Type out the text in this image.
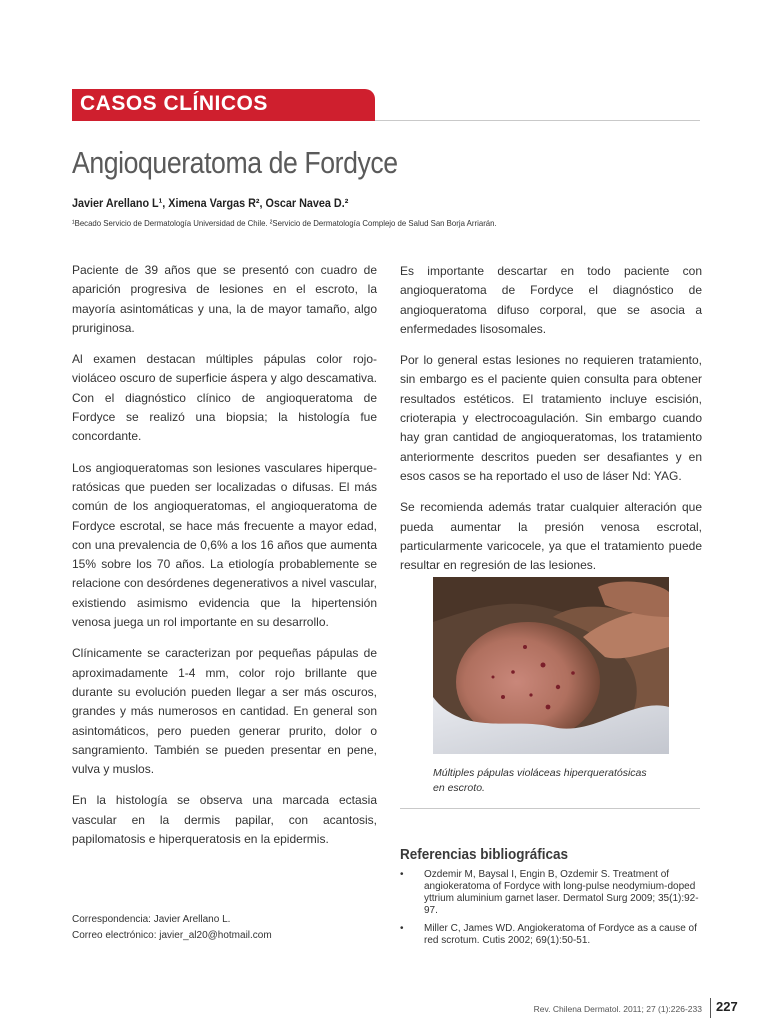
CASOS CLÍNICOS
Angioqueratoma de Fordyce
Javier Arellano L¹, Ximena Vargas R², Oscar Navea D.²
¹Becado Servicio de Dermatología Universidad de Chile. ²Servicio de Dermatología Complejo de Salud San Borja Arriarán.

Paciente de 39 años que se presentó con cuadro de aparición progresiva de lesiones en el escroto, la mayoría asintomáticas y una, la de mayor tamaño, algo pruriginosa.

Al examen destacan múltiples pápulas color rojo-violáceo oscuro de superficie áspera y algo descamativa. Con el diagnóstico clínico de angioqueratoma de Fordyce se realizó una biopsia; la histología fue concordante.

Los angioqueratomas son lesiones vasculares hiperque-ratósicas que pueden ser localizadas o difusas. El más común de los angioqueratomas, el angioqueratoma de Fordyce escrotal, se hace más frecuente a mayor edad, con una prevalencia de 0,6% a los 16 años que aumenta 15% sobre los 70 años. La etiología probablemente se relacione con desórdenes degenerativos a nivel vascular, existiendo asimismo evidencia que la hipertensión venosa juega un rol importante en su desarrollo.

Clínicamente se caracterizan por pequeñas pápulas de aproximadamente 1-4 mm, color rojo brillante que durante su evolución pueden llegar a ser más oscuros, grandes y más numerosos en cantidad. En general son asintomáticos, pero pueden generar prurito, dolor o sangramiento. También se pueden presentar en pene, vulva y muslos.

En la histología se observa una marcada ectasia vascular en la dermis papilar, con acantosis, papilomatosis e hiperqueratosis en la epidermis.

Es importante descartar en todo paciente con angioqueratoma de Fordyce el diagnóstico de angioqueratoma difuso corporal, que se asocia a enfermedades lisosomales.

Por lo general estas lesiones no requieren tratamiento, sin embargo es el paciente quien consulta para obtener resultados estéticos. El tratamiento incluye escisión, crioterapia y electrocoagulación. Sin embargo cuando hay gran cantidad de angioqueratomas, los tratamiento anteriormente descritos pueden ser desafiantes y en esos casos se ha reportado el uso de láser Nd: YAG.

Se recomienda además tratar cualquier alteración que pueda aumentar la presión venosa escrotal, particularmente varicocele, ya que el tratamiento puede resultar en regresión de las lesiones.

Múltiples pápulas violáceas hiperqueratósicas
en escroto.
Referencias bibliográficas
• Ozdemir M, Baysal I, Engin B, Ozdemir S. Treatment of angiokeratoma of Fordyce with long-pulse neodymium-doped yttrium aluminium garnet laser. Dermatol Surg 2009; 35(1):92-97.
• Miller C, James WD. Angiokeratoma of Fordyce as a cause of red scrotum. Cutis 2002; 69(1):50-51.
Correspondencia: Javier Arellano L.
Correo electrónico: javier_al20@hotmail.com
Rev. Chilena Dermatol. 2011; 27 (1):226-233 227
